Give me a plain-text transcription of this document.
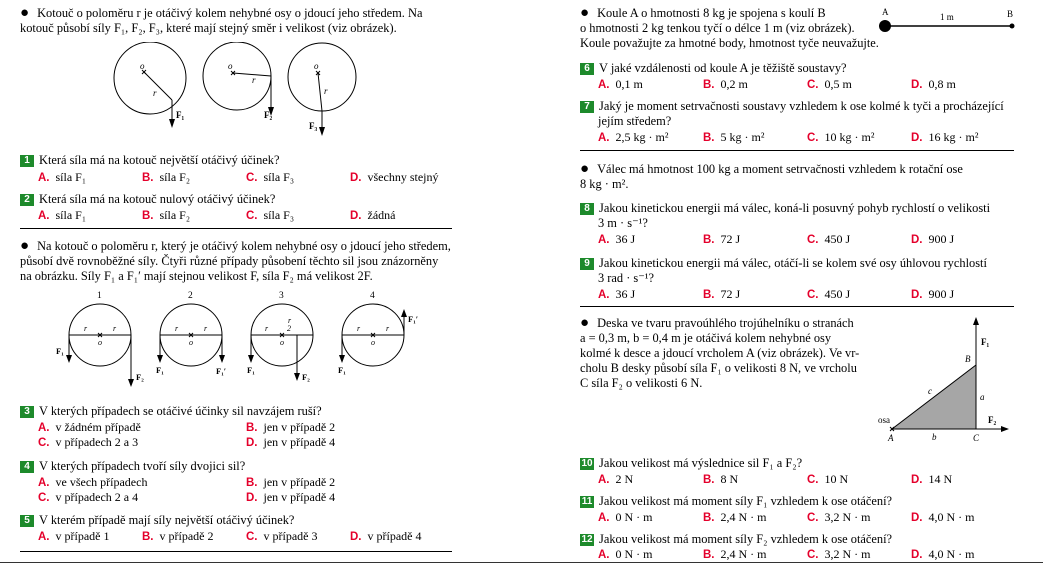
● Kotouč o poloměru r je otáčivý kolem nehybné osy o jdoucí jeho středem. Na
kotouč působí síly F₁, F₂, F₃, které mají stejný směr i velikost (viz obrázek).
o
r
F₁
o
r
F₂
o
r
F₃
1 Která síla má na kotouč největší otáčivý účinek?
A. síla F₁	B. síla F₂	C. síla F₃	D. všechny stejný
2 Která síla má na kotouč nulový otáčivý účinek?
A. síla F₁	B. síla F₂	C. síla F₃	D. žádná
● Na kotouč o poloměru r, který je otáčivý kolem nehybné osy o jdoucí jeho středem,
působí dvě rovnoběžné síly. Čtyři různé případy působení těchto sil jsou znázorněny
na obrázku. Síly F₁ a F₁′ mají stejnou velikost F, síla F₂ má velikost 2F.
1	2	3	4
r	r
o
r	r
o
r
r
2
o
r	r
o
F₁
F₂
F₁	F₁′ F₁
F₂
F₁
F₁′
3 V kterých případech se otáčivé účinky sil navzájem ruší?
A. v žádném případě	B. jen v případě 2
C. v případech 2 a 3	D. jen v případě 4
4 V kterých případech tvoří síly dvojici sil?
A. ve všech případech	B. jen v případě 2
C. v případech 2 a 4	D. jen v případě 4
5 V kterém případě mají síly největší otáčivý účinek?
A. v případě 1	B. v případě 2	C. v případě 3	D. v případě 4
● Koule A o hmotnosti 8 kg je spojena s koulí B
o hmotnosti 2 kg tenkou tyčí o délce 1 m (viz obrázek).
Koule považujte za hmotné body, hmotnost tyče neuvažujte.
A	1 m	B
6 V jaké vzdálenosti od koule A je těžiště soustavy?
A. 0,1 m	B. 0,2 m	C. 0,5 m	D. 0,8 m
7 Jaký je moment setrvačnosti soustavy vzhledem k ose kolmé k tyči a procházející
jejím středem?
A. 2,5 kg · m²	B. 5 kg · m²	C. 10 kg · m²	D. 16 kg · m²
● Válec má hmotnost 100 kg a moment setrvačnosti vzhledem k rotační ose
8 kg · m².
8 Jakou kinetickou energii má válec, koná-li posuvný pohyb rychlostí o velikosti
3 m · s⁻¹?
A. 36 J	B. 72 J	C. 450 J	D. 900 J
9 Jakou kinetickou energii má válec, otáčí-li se kolem své osy úhlovou rychlostí
3 rad · s⁻¹?
A. 36 J	B. 72 J	C. 450 J	D. 900 J
● Deska ve tvaru pravoúhlého trojúhelníku o stranách
a = 0,3 m, b = 0,4 m je otáčivá kolem nehybné osy
kolmé k desce a jdoucí vrcholem A (viz obrázek). Ve vr-
cholu B desky působí síla F₁ o velikosti 8 N, ve vrcholu
C síla F₂ o velikosti 6 N.
F₁
B
c
a
osa	F₂
A	b	C
10 Jakou velikost má výslednice sil F₁ a F₂?
A. 2 N	B. 8 N	C. 10 N	D. 14 N
11 Jakou velikost má moment síly F₁ vzhledem k ose otáčení?
A. 0 N · m	B. 2,4 N · m	C. 3,2 N · m	D. 4,0 N · m
12 Jakou velikost má moment síly F₂ vzhledem k ose otáčení?
A. 0 N · m	B. 2,4 N · m	C. 3,2 N · m	D. 4,0 N · m
